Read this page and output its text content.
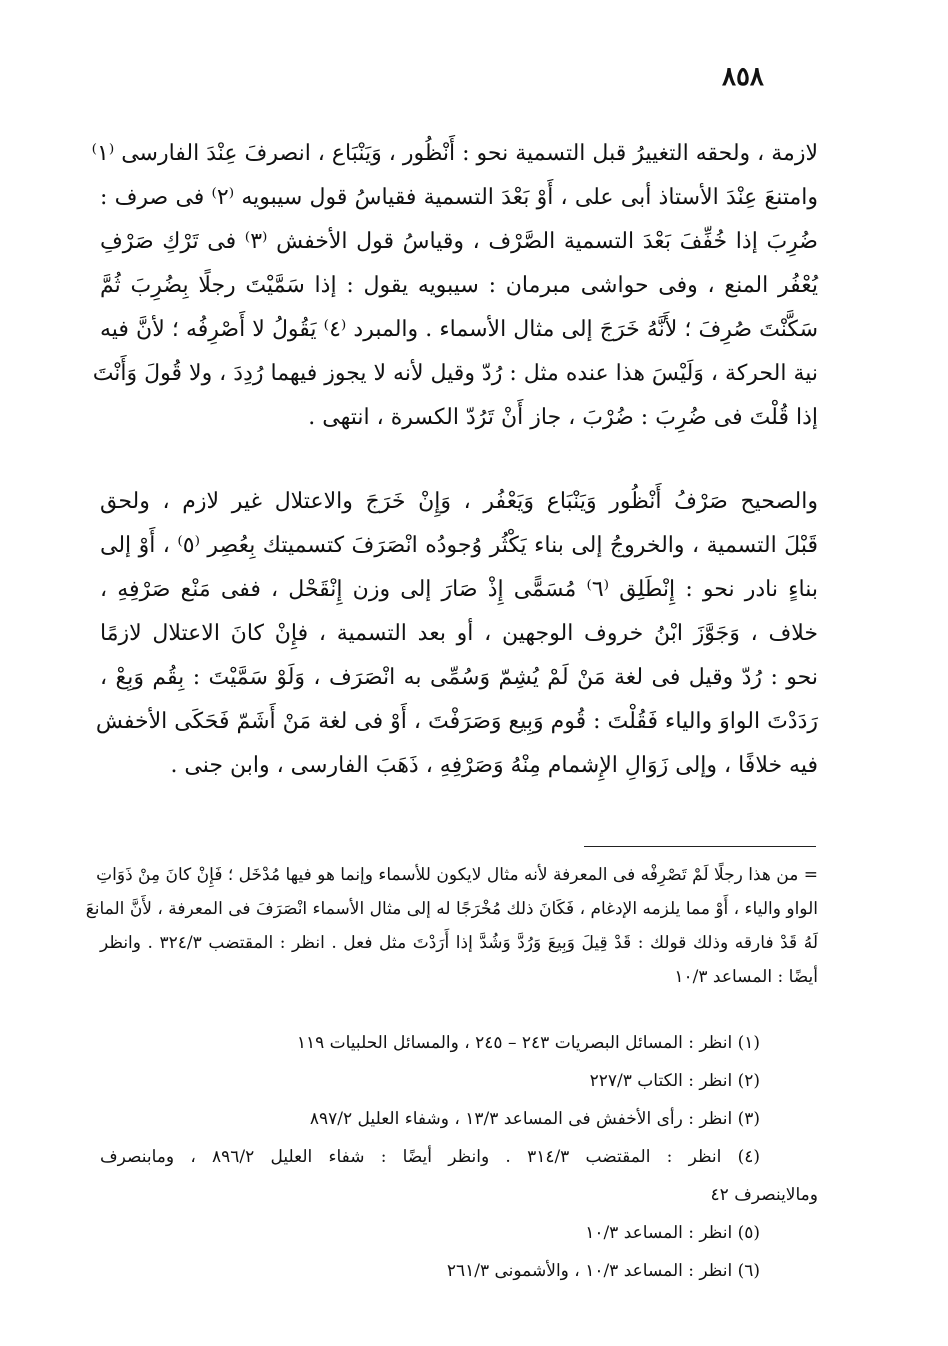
٨٥٨
لازمة ، ولحقه التغييرُ قبل التسمية نحو : أَنْظُور ، وَيَنْبَاع ، انصرفَ عِنْدَ الفارسى ⁽١⁾
وامتنعَ عِنْدَ الأستاذ أبى على ، أَوْ بَعْدَ التسمية فقياسُ قول سيبويه ⁽٢⁾ فى صرف :
ضُرِبَ إذا خُفِّفَ بَعْدَ التسمية الصَّرْف ، وقياسُ قول الأخفش ⁽٣⁾ فى تَرْكِ صَرْفِ
يُعْفُر المنع ، وفى حواشى مبرمان : سيبويه يقول : إذا سَمَّيْتَ رجلًا بِضُرِبَ ثُمَّ
سَكَّنْتَ صُرِفَ ؛ لأَنَّهُ خَرَجَ إلى مثال الأسماء . والمبرد ⁽٤⁾ يَقُولُ لا أَصْرِفُه ؛ لأنَّ فيه
نية الحركة ، وَلَيْسَ هذا عنده مثل : رُدّ وقيل لأنه لا يجوز فيهما رُدِدَ ، ولا قُولَ وَأَنْتَ
إذا قُلْتَ فى ضُرِبَ : ضُرْبَ ، جاز أَنْ تَرُدّ الكسرة ، انتهى .
والصحيح صَرْفُ أَنْظُور وَيَنْبَاع وَيَعْفُر ، وَإِنْ خَرَجَ والاعتلال غير لازم ، ولحق
قَبْلَ التسمية ، والخروجُ إلى بناء يَكْثُر وُجودُه انْصَرَفَ كتسميتك بِعُصِر ⁽٥⁾ ، أَوْ إلى
بناءٍ نادر نحو : إِنْطَلِق ⁽٦⁾ مُسَمًّى إِذْ صَارَ إلى وزن إِنْقَحْل ، ففى مَنْع صَرْفِهِ ،
خلاف ، وَجَوَّزَ ابْنُ خروف الوجهين ، أو بعد التسمية ، فإِنْ كانَ الاعتلال لازمًا
نحو : رُدّ وقيل فى لغة مَنْ لَمْ يُشِمّ وَسُمِّى به انْصَرَف ، وَلَوْ سَمَّيْتَ : بِقُم وَبِعْ ،
رَدَدْتَ الواوَ والياء فَقُلْتَ : قُوم وَبِيع وَصَرَفْتَ ، أَوْ فى لغة مَنْ أَشَمّ فَحَكَى الأخفش
فيه خلافًا ، وإلى زَوَالِ الإِشمام مِنْهُ وَصَرْفِهِ ، ذَهَبَ الفارسى ، وابن جنى .
= من هذا رجلًا لَمْ تَصْرِفْه فى المعرفة لأنه مثال لايكون للأسماء وإنما هو فيها مُدْخَل ؛ فَإِنْ كانَ مِنْ ذَوَاتِ
الواو والياء ، أَوْ مما يلزمه الإدغام ، فَكَانَ ذلك مُخْرَجًا له إلى مثال الأسماء انْصَرَفَ فى المعرفة ، لأَنَّ المانعَ
لَهُ قَدْ فارقه وذلك قولك : قَدْ قِيلَ وَبِيعَ وَرُدَّ وَشُدَّ إذا أَرَدْتَ مثل فعل . انظر : المقتضب ٣٢٤/٣ . وانظر
أيضًا : المساعد ١٠/٣
(١) انظر : المسائل البصريات ٢٤٣ – ٢٤٥ ، والمسائل الحلبيات ١١٩
(٢) انظر : الكتاب ٢٢٧/٣
(٣) انظر : رأى الأخفش فى المساعد ١٣/٣ ، وشفاء العليل ٨٩٧/٢
(٤) انظر : المقتضب ٣١٤/٣ . وانظر أيضًا : شفاء العليل ٨٩٦/٢ ، ومابنصرف
ومالاينصرف ٤٢
(٥) انظر : المساعد ١٠/٣
(٦) انظر : المساعد ١٠/٣ ، والأشمونى ٢٦١/٣
